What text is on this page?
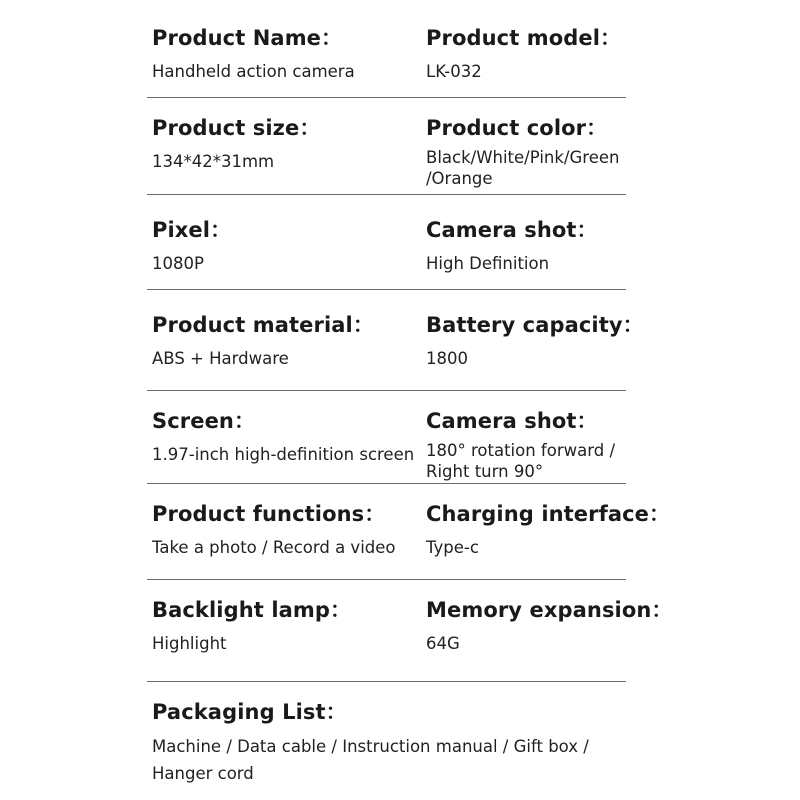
Product Name：
Handheld action camera
Product model：
LK-032
Product size：
134*42*31mm
Product color：
Black/White/Pink/Green /Orange
Pixel：
1080P
Camera shot：
High Definition
Product material：
ABS + Hardware
Battery capacity：
1800
Screen：
1.97-inch high-definition screen
Camera shot：
180° rotation forward / Right turn 90°
Product functions：
Take a photo / Record a video
Charging interface：
Type-c
Backlight lamp：
Highlight
Memory expansion：
64G
Packaging List：
Machine / Data cable / Instruction manual / Gift box / Hanger cord
